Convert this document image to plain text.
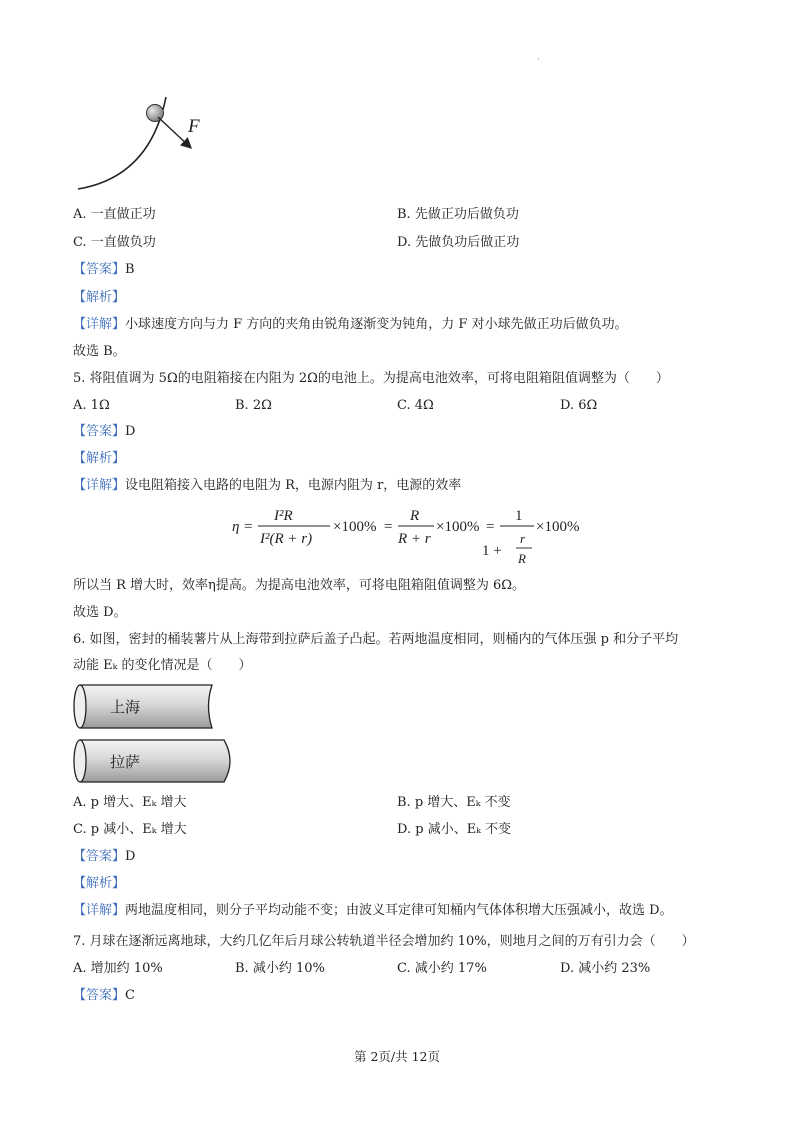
·
F
A. 一直做正功	B. 先做正功后做负功
C. 一直做负功	D. 先做负功后做正功
【答案】B
【解析】
【详解】小球速度方向与力 F 方向的夹角由锐角逐渐变为钝角，力 F 对小球先做正功后做负功。
故选 B。
5. 将阻值调为 5Ω的电阻箱接在内阻为 2Ω的电池上。为提高电池效率，可将电阻箱阻值调整为（　　）
A. 1Ω	B. 2Ω	C. 4Ω	D. 6Ω
【答案】D
【解析】
【详解】设电阻箱接入电路的电阻为 R，电源内阻为 r，电源的效率
η =
I²R
I²(R + r)
×100% =
R
R + r
×100% =
1
1 +
r
R
×100%
所以当 R 增大时，效率η提高。为提高电池效率，可将电阻箱阻值调整为 6Ω。
故选 D。
6. 如图，密封的桶装薯片从上海带到拉萨后盖子凸起。若两地温度相同，则桶内的气体压强 p 和分子平均
动能 Eₖ 的变化情况是（　　）
上海
拉萨
A. p 增大、Eₖ 增大	B. p 增大、Eₖ 不变
C. p 减小、Eₖ 增大	D. p 减小、Eₖ 不变
【答案】D
【解析】
【详解】两地温度相同，则分子平均动能不变；由波义耳定律可知桶内气体体积增大压强减小，故选 D。
7. 月球在逐渐远离地球，大约几亿年后月球公转轨道半径会增加约 10%，则地月之间的万有引力会（　　）
A. 增加约 10%	B. 减小约 10%	C. 减小约 17%	D. 减小约 23%
【答案】C
第 2页/共 12页
